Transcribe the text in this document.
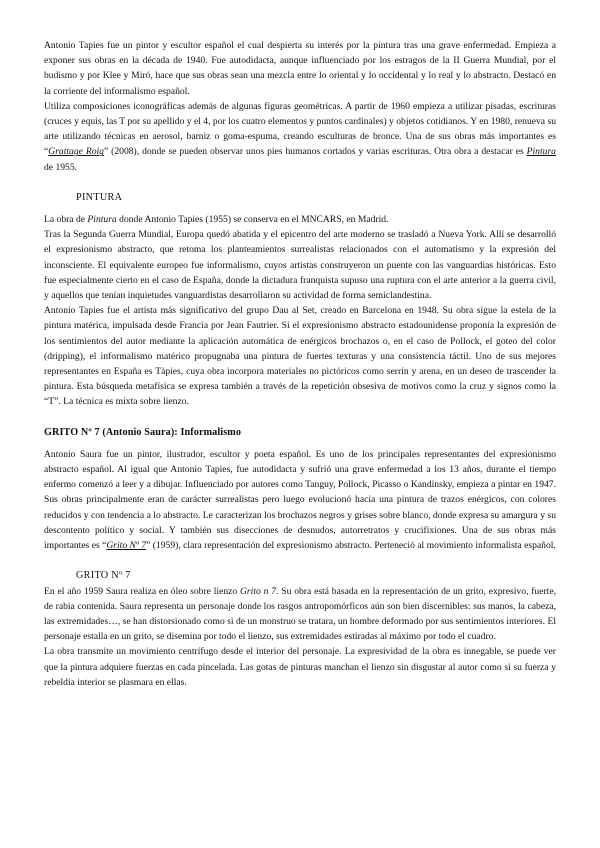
Antonio Tapies fue un pintor y escultor español el cual despierta su interés por la pintura tras una grave enfermedad. Empieza a exponer sus obras en la década de 1940. Fue autodidacta, aunque influenciado por los estragos de la II Guerra Mundial, por el budismo y por Klee y Miró, hace que sus obras sean una mezcla entre lo oriental y lo occidental y lo real y lo abstracto. Destacó en la corriente del informalismo español.

Utiliza composiciones iconográficas además de algunas figuras geométricas. A partir de 1960 empieza a utilizar pisadas, escrituras (cruces y equis, las T por su apellido y el 4, por los cuatro elementos y puntos cardinales) y objetos cotidianos. Y en 1980, renueva su arte utilizando técnicas en aerosol, barniz o goma-espuma, creando esculturas de bronce. Una de sus obras más importantes es “Grattage Roig” (2008), donde se pueden observar unos pies humanos cortados y varias escrituras. Otra obra a destacar es Pintura de 1955.

PINTURA

La obra de Pintura donde Antonio Tapies (1955) se conserva en el MNCARS, en Madrid.

Tras la Segunda Guerra Mundial, Europa quedó abatida y el epicentro del arte moderno se trasladó a Nueva York. Allí se desarrolló el expresionismo abstracto, que retoma los planteamientos surrealistas relacionados con el automatismo y la expresión del inconsciente. El equivalente europeo fue informalismo, cuyos artistas construyeron un puente con las vanguardias históricas. Esto fue especialmente cierto en el caso de España, donde la dictadura franquista supuso una ruptura con el arte anterior a la guerra civil, y aquellos que tenían inquietudes vanguardistas desarrollaron su actividad de forma semiclandestina.

Antonio Tapies fue el artista más significativo del grupo Dau al Set, creado en Barcelona en 1948. Su obra sigue la estela de la pintura matérica, impulsada desde Francia por Jean Fautrier. Si el expresionismo abstracto estadounidense proponía la expresión de los sentimientos del autor mediante la aplicación automática de enérgicos brochazos o, en el caso de Pollock, el goteo del color (dripping), el informalismo matérico propugnaba una pintura de fuertes texturas y una consistencia táctil. Uno de sus mejores representantes en España es Tàpies, cuya obra incorpora materiales no pictóricos como serrín y arena, en un deseo de trascender la pintura. Esta búsqueda metafísica se expresa también a través de la repetición obsesiva de motivos como la cruz y signos como la “T”. La técnica es mixta sobre lienzo.

GRITO Nº 7 (Antonio Saura): Informalismo

Antonio Saura fue un pintor, ilustrador, escultor y poeta español. Es uno de los principales representantes del expresionismo abstracto español. Al igual que Antonio Tapies, fue autodidacta y sufrió una grave enfermedad a los 13 años, durante el tiempo enfermo comenzó a leer y a dibujar. Influenciado por autores como Tanguy, Pollock, Picasso o Kandinsky, empieza a pintar en 1947. Sus obras principalmente eran de carácter surrealistas pero luego evolucionó hacia una pintura de trazos enérgicos, con colores reducidos y con tendencia a lo abstracto. Le caracterizan los brochazos negros y grises sobre blanco, donde expresa su amargura y su descontento político y social. Y también sus disecciones de desnudos, autorretratos y crucifixiones. Una de sus obras más importantes es “Grito Nº 7” (1959), clara representación del expresionismo abstracto. Perteneció al movimiento informalista español.

GRITO Nº 7

En el año 1959 Saura realiza en óleo sobre lienzo Grito n 7. Su obra está basada en la representación de un grito, expresivo, fuerte, de rabia contenida. Saura representa un personaje donde los rasgos antropomórficos aún son bien discernibles: sus manos, la cabeza, las extremidades…, se han distorsionado como si de un monstruo se tratara, un hombre deformado por sus sentimientos interiores. El personaje estalla en un grito, se disemina por todo el lienzo, sus extremidades estiradas al máximo por todo el cuadro.

La obra transmite un movimiento centrífugo desde el interior del personaje. La expresividad de la obra es innegable, se puede ver que la pintura adquiere fuerzas en cada pincelada. Las gotas de pinturas manchan el lienzo sin disgustar al autor como si su fuerza y rebeldía interior se plasmara en ellas.
